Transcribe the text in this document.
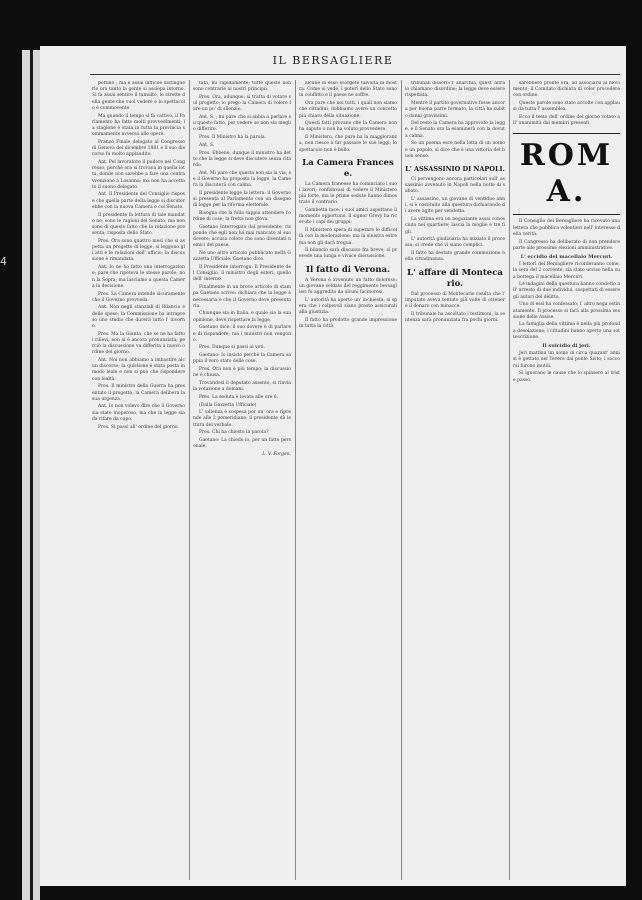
4
IL BERSAGLIERE

pottino ; ma è assai difficile distinguerlo ora tanto la gente si assiepa intorno. Si fa assai sentire il tumulto, le strette della gente che vuol vedere e lo spettacolo è commovente.

Ma quando il tempo si fa cattivo, il Parlamento ha fatto molti provvedimenti; la stagione è stata in tutta la provincia sommamente avversa alle opere.

Pranzò Finale delegato al Congresso di Genova del dicembre 1881 e il suo discorso fu molto applaudito.

Ant. Pel lavoratore il pudore nel Congresso, perchè ora si trovava in quella lotta, donde non sarebbe a fare una contravvenzione a Losanna; ma non ha accettato il suono delegato.

Ant. Il Presidente del Consiglio rispose che quella parte della legge si discuterebbe con la nuova Camera e col Senato.

Il presidente fa lettura di tale mandato ne; sono le ragioni del Senato; ma non sono di questo fatto che la relazione presenta; risposta dello Stato.

Pres. Ora sono quattro mesi che si aspetta un progetto di legge; si leggono gli atti e le relazioni dell' ufficio; la discussione è rimandata.

Ant. Io ne ho fatto una interrogazione; pare che ripeteva le stesse parole; non la Sopra; ma lasciamo a questa Camera la decisione.

Pres. La Camera intende sicuramente che il Governo provveda.

Ant. Non negli stanziali di Bilancio e delle spese; la Commissione ha intrapreso uno studio che durerà tutto l' inverno.

Pres. Ma la Giunta, che se ne ha fatto i rilievi, non si è ancora pronunziata; perciò la discussione va differita a nuovo ordine del giorno.

Ant. Noi non abbiamo a imbastire alcun discorso; la quistione è stata posta in modo leale e non si può che rispondere con lealtà.

Pres. Il ministro della Guerra ha presentato il progetto; la Camera delibera la sua urgenza.

Ant. Io non volevo dire che il Governo sia stato inoperoso, ma che la legge sia da rifare da capo.

Pres. Si passi all' ordine del giorno.

tata, mi rapidamente; tutte queste non sono contrarie ai nostri principii.

Pres. Ora, adunque, si tratta di votare sul progetto; io prego la Camera di volere fare un po' di silenzio.

Ant. S. ; mi pare che si abbia a parlare su questo fatto, per vedere se non sia meglio differire.

Pres. Il Ministro ha la parola.

Ant. S.

Pres. Ebbene, dunque il ministro ha detto che la legge si deve discutere senza ritardo.

Ant. Mi pare che questa non sia la via; se il Governo ha proposta la legge, la Camera la discuterà con calma.

Il presidente legge la lettera: il Governo si presenta al Parlamento con un disegno di legge per la riforma elettorale.

Bisogna che la folla sappia attendere l'ordine di cose; la fretta non giova.

Gaetano Interrogato dal presidente, risponde che egli non ha mai mancato al suo dovere; accusa coloro che sono diventati nemici del paese.

Ne uno altro articolo pubblicato nella Gazzetta Ufficiale: Gaetano dice.

Il Presidente interroga: Il Presidente del Consiglio, il ministro degli esteri, quello dell' interno.

Finalmente in un breve articolo di stampa Gaetano scrive: dichiara che la legge è necessaria e che il Governo deve presentarla.

Chiunque sia in Italia, e quale sia la sua opinione, deve rispettare la legge.

Gaetano dice: il suo dovere è di parlare e di rispondere; ma i ministri non vengono.

Pres. Dunque si passi ai voti.

Gaetano: Io insisto perchè la Camera sappia il vero stato delle cose.

Pres. Ora non è più tempo; la discussione è chiusa.

Trovandosi il deputato assente, si rinvia la votazione a domani.

Pres. La seduta è levata alle ore 6.

(Dalla Gazzetta Ufficiale)

L' udienza è sospesa per un' ora e riprende alle 2 pomeridiane; il presidente dà lettura del verbale.

Pres. Chi ha chiesto la parola?

Gaetano: La chiedo io, per un fatto personale.

L. V. Forgen.

alcune in esso scorgete talvolta di mostra. Come si vede, i poteri dello Stato sono in conflitto e il paese ne soffre.

Ora pare che noi tutti, i quali non siamo che cittadini, dobbiamo avere un concetto più chiaro della situazione.

Questi fatti provano che la Camera non ha saputo o non ha voluto provvedere.

Il Ministero, che pure ha la maggioranza, non riesce a far passare le sue leggi; lo spettacolo non è bello.

La Camera Francese.

La Camera francese ha cominciato i suoi lavori; confidavasi di vedere il Ministero più forte, ma le prime sedute hanno dimostrato il contrario.

Gambetta tace; i suoi amici aspettano il momento opportuno. Il signor Grevy ha ricevuto i capi dei gruppi.

Il Ministero spera di superare le difficoltà con la moderazione; ma la sinistra estrema non gli darà tregua.

Il bilancio sarà discusso fra breve; si prevede una lunga e vivace discussione.

Il fatto di Verona.

A Verona è avvenuto un fatto doloroso: un giovane soldato del reggimento bersaglieri fu aggredito da alcuni facinorosi.

L' autorità ha aperto un' inchiesta; si spera che i colpevoli siano presto assicurati alla giustizia.

Il fatto ha prodotto grande impressione in tutta la città.

tribunali dissero: l' anarchia, quest' altra lo chiamano disordine; la legge deve essere rispettata.

Mentre il partito governativo fosse ancora per buona parte formato, la città ha subito danni gravissimi.

Del resto la Camera ha approvato la legge, e il Senato ora la esaminerà con la dovuta calma.

Se un poema esce nella lotta di un uomo e un popolo, si dice che è una vittoria del buon senso.

L' ASSASSINIO DI NAPOLI.

Ci pervengono ancora particolari sull' assassinio avvenuto in Napoli nella notte di sabato.

L' assassino, un giovane di ventidue anni, si è costituito alla questura dichiarando di avere agito per vendetta.

La vittima era un negoziante assai conosciuto nel quartiere; lascia la moglie e tre figli.

L' autorità giudiziaria ha iniziato il processo; si crede che vi siano complici.

Il fatto ha destato grande commozione nella cittadinanza.

L' affare di Montecario.

Dal processo di Montecario risulta che l' imputato aveva tentato più volte di ottenere il denaro con minacce.

Il tribunale ha ascoltato i testimoni; la sentenza sarà pronunziata fra pochi giorni.

sarebbero pronte ora, ad associarsi al movimento; il Comitato dichiara di voler procedere con ordine.

Queste parole sono state accolte con applausi da tutta l' assemblea.

Ecco il testo dell' ordine del giorno votato all' unanimità dai membri presenti.

ROMA.

Il Consiglio del Bersagliere ha ricevuto una lettera che pubblica volentieri nell' interesse della verità.

Il Congresso ha deliberato di non prendere parte alle prossime elezioni amministrative.

L' eccidio del macellaio Mercuri.

I lettori del Bersagliere ricorderanno come, la sera del 2 corrente, sia stato ucciso nella sua bottega il macellaio Mercuri.

Le indagini della questura hanno condotto all' arresto di due individui, sospettati di essere gli autori del delitto.

Uno di essi ha confessato; l' altro nega ostinatamente. Il processo si farà alla prossima sessione delle Assise.

La famiglia della vittima è nella più profonda desolazione; i cittadini hanno aperto una sottoscrizione.

Il suicidio di jeri.

Jeri mattina un uomo di circa quarant' anni si è gettato nel Tevere dal ponte Sisto; i soccorsi furono inutili.

Si ignorano le cause che lo spinsero al triste passo.
